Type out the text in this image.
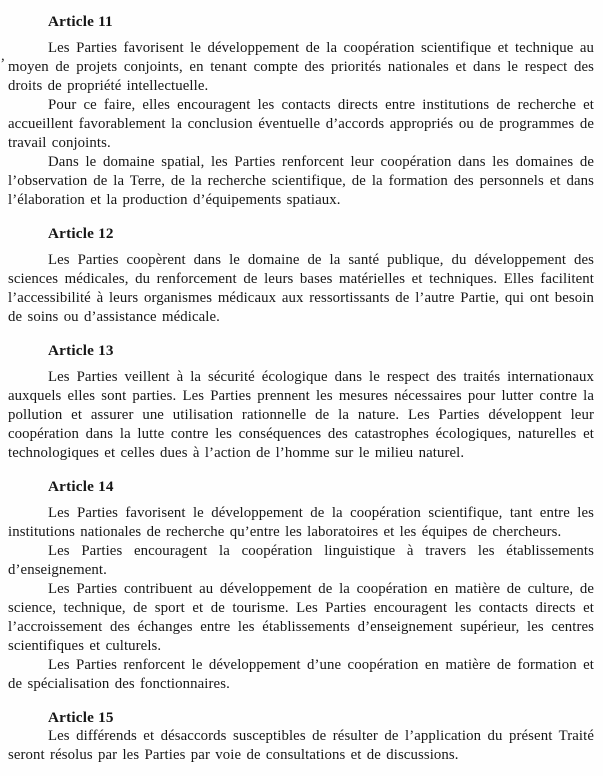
,
Article 11

Les Parties favorisent le développement de la coopération scientifique et technique au moyen de projets conjoints, en tenant compte des priorités nationales et dans le respect des droits de propriété intellectuelle.

Pour ce faire, elles encouragent les contacts directs entre institutions de recherche et accueillent favorablement la conclusion éventuelle d’accords appropriés ou de programmes de travail conjoints.

Dans le domaine spatial, les Parties renforcent leur coopération dans les domaines de l’observation de la Terre, de la recherche scientifique, de la formation des personnels et dans l’élaboration et la production d’équipements spatiaux.

Article 12

Les Parties coopèrent dans le domaine de la santé publique, du développement des sciences médicales, du renforcement de leurs bases matérielles et techniques. Elles facilitent l’accessibilité à leurs organismes médicaux aux ressortissants de l’autre Partie, qui ont besoin de soins ou d’assistance médicale.

Article 13

Les Parties veillent à la sécurité écologique dans le respect des traités internationaux auxquels elles sont parties. Les Parties prennent les mesures nécessaires pour lutter contre la pollution et assurer une utilisation rationnelle de la nature. Les Parties développent leur coopération dans la lutte contre les conséquences des catastrophes écologiques, naturelles et technologiques et celles dues à l’action de l’homme sur le milieu naturel.

Article 14

Les Parties favorisent le développement de la coopération scientifique, tant entre les institutions nationales de recherche qu’entre les laboratoires et les équipes de chercheurs.

Les Parties encouragent la coopération linguistique à travers les établissements d’enseignement.

Les Parties contribuent au développement de la coopération en matière de culture, de science, technique, de sport et de tourisme. Les Parties encouragent les contacts directs et l’accroissement des échanges entre les établissements d’enseignement supérieur, les centres scientifiques et culturels.

Les Parties renforcent le développement d’une coopération en matière de formation et de spécialisation des fonctionnaires.

Article 15

Les différends et désaccords susceptibles de résulter de l’application du présent Traité seront résolus par les Parties par voie de consultations et de discussions.
